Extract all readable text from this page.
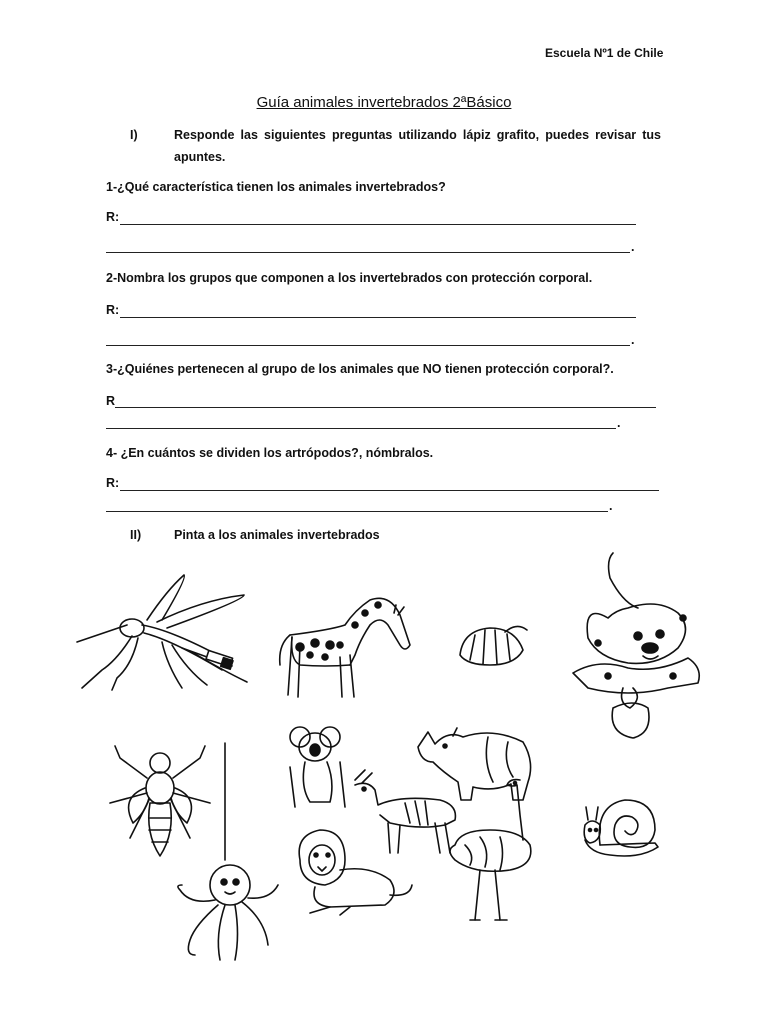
Escuela Nº1 de Chile
Guía animales invertebrados 2ªBásico
I)	Responde las siguientes preguntas utilizando lápiz grafito, puedes revisar tus apuntes.
1-¿Qué característica tienen los animales invertebrados?
R:
.
2-Nombra los grupos que componen a los invertebrados con protección corporal.
R:
.
3-¿Quiénes pertenecen al grupo de los animales que NO tienen protección corporal?.
R
.
4- ¿En cuántos se dividen los artrópodos?, nómbralos.
R:
.
II)	Pinta a los animales invertebrados
